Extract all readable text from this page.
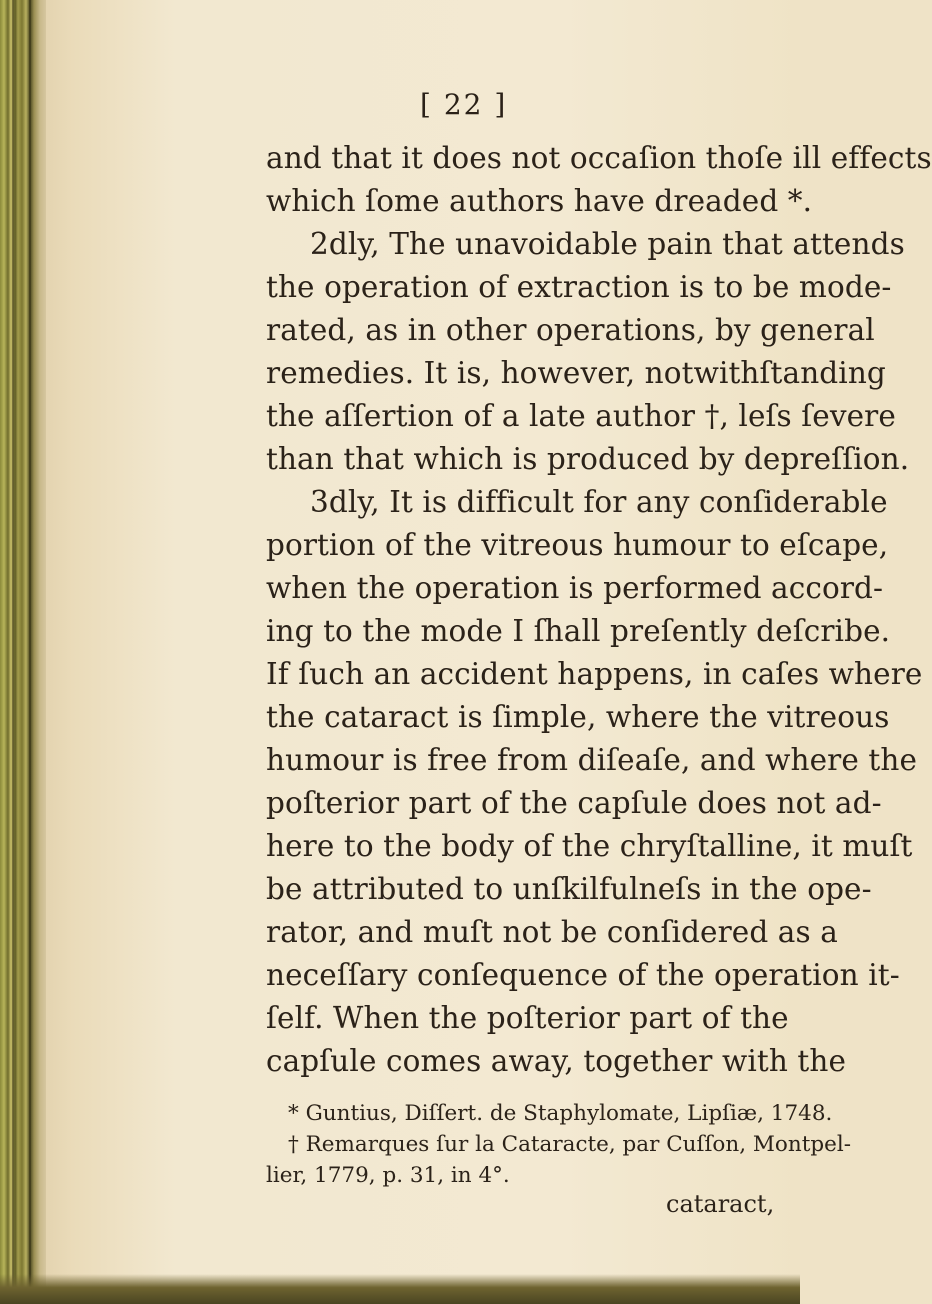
[ 22 ]
and that it does not occaſion thoſe ill effects
which ſome authors have dreaded *.
2dly, The unavoidable pain that attends
the operation of extraction is to be mode-
rated, as in other operations, by general
remedies. It is, however, notwithſtanding
the aſſertion of a late author †, leſs ſevere
than that which is produced by depreſſion.
3dly, It is difficult for any conſiderable
portion of the vitreous humour to eſcape,
when the operation is performed accord-
ing to the mode I ſhall preſently deſcribe.
If ſuch an accident happens, in caſes where
the cataract is ſimple, where the vitreous
humour is free from diſeaſe, and where the
poſterior part of the capſule does not ad-
here to the body of the chryſtalline, it muſt
be attributed to unſkilfulneſs in the ope-
rator, and muſt not be conſidered as a
neceſſary conſequence of the operation it-
ſelf. When the poſterior part of the
capſule comes away, together with the
* Guntius, Diſſert. de Staphylomate, Lipſiæ, 1748.
† Remarques ſur la Cataracte, par Cuſſon, Montpel-
lier, 1779, p. 31, in 4°.
cataract,
